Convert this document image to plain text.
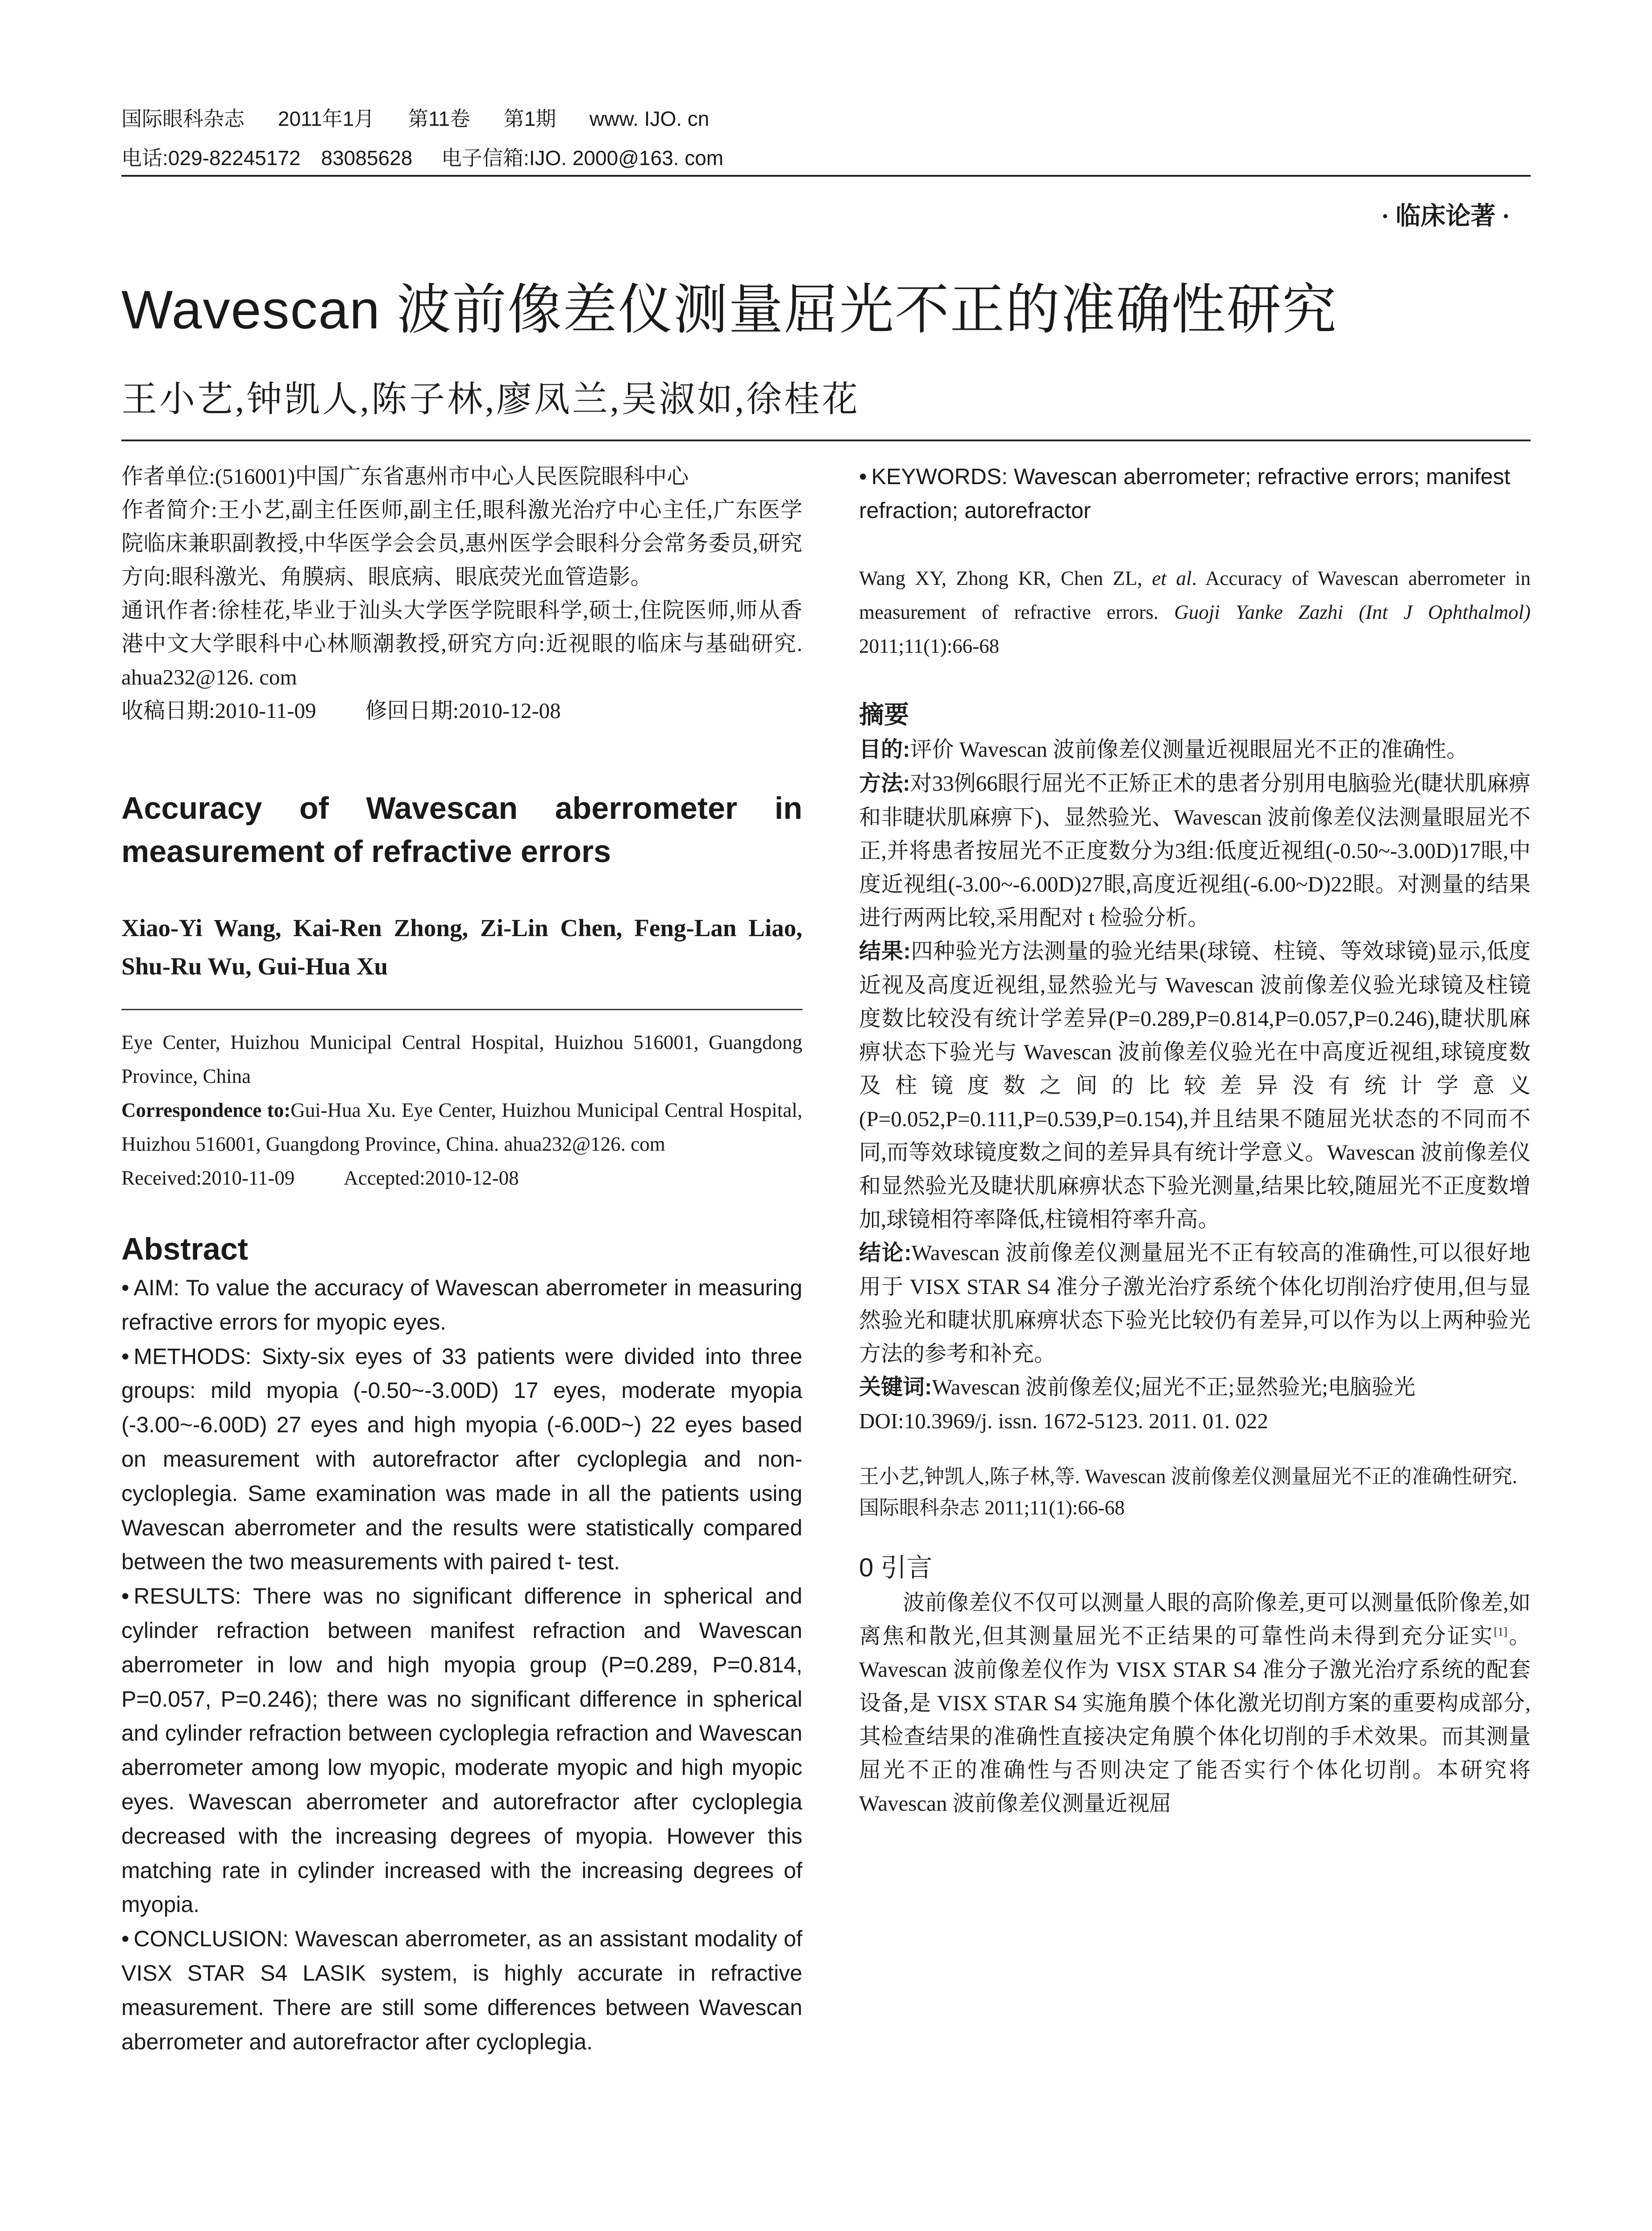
国际眼科杂志 2011年1月 第11卷 第1期 www. IJO. cn
电话:029-82245172　83085628 电子信箱:IJO. 2000@163. com
· 临床论著 ·
Wavescan 波前像差仪测量屈光不正的准确性研究
王小艺,钟凯人,陈子林,廖凤兰,吴淑如,徐桂花

作者单位:(516001)中国广东省惠州市中心人民医院眼科中心

作者简介:王小艺,副主任医师,副主任,眼科激光治疗中心主任,广东医学院临床兼职副教授,中华医学会会员,惠州医学会眼科分会常务委员,研究方向:眼科激光、角膜病、眼底病、眼底荧光血管造影。

通讯作者:徐桂花,毕业于汕头大学医学院眼科学,硕士,住院医师,师从香港中文大学眼科中心林顺潮教授,研究方向:近视眼的临床与基础研究. ahua232@126. com

收稿日期:2010-11-09 修回日期:2010-12-08

Accuracy of Wavescan aberrometer in measurement of refractive errors
Xiao-Yi Wang, Kai-Ren Zhong, Zi-Lin Chen, Feng-Lan Liao, Shu-Ru Wu, Gui-Hua Xu

Eye Center, Huizhou Municipal Central Hospital, Huizhou 516001, Guangdong Province, China

Correspondence to:Gui-Hua Xu. Eye Center, Huizhou Municipal Central Hospital, Huizhou 516001, Guangdong Province, China. ahua232@126. com

Received:2010-11-09 Accepted:2010-12-08

Abstract

• AIM: To value the accuracy of Wavescan aberrometer in measuring refractive errors for myopic eyes.

• METHODS: Sixty-six eyes of 33 patients were divided into three groups: mild myopia (-0.50~-3.00D) 17 eyes, moderate myopia (-3.00~-6.00D) 27 eyes and high myopia (-6.00D~) 22 eyes based on measurement with autorefractor after cycloplegia and non-cycloplegia. Same examination was made in all the patients using Wavescan aberrometer and the results were statistically compared between the two measurements with paired t- test.

• RESULTS: There was no significant difference in spherical and cylinder refraction between manifest refraction and Wavescan aberrometer in low and high myopia group (P=0.289, P=0.814, P=0.057, P=0.246); there was no significant difference in spherical and cylinder refraction between cycloplegia refraction and Wavescan aberrometer among low myopic, moderate myopic and high myopic eyes. Wavescan aberrometer and autorefractor after cycloplegia decreased with the increasing degrees of myopia. However this matching rate in cylinder increased with the increasing degrees of myopia.

• CONCLUSION: Wavescan aberrometer, as an assistant modality of VISX STAR S4 LASIK system, is highly accurate in refractive measurement. There are still some differences between Wavescan aberrometer and autorefractor after cycloplegia.

• KEYWORDS: Wavescan aberrometer; refractive errors; manifest refraction; autorefractor

Wang XY, Zhong KR, Chen ZL, et al. Accuracy of Wavescan aberrometer in measurement of refractive errors. Guoji Yanke Zazhi (Int J Ophthalmol) 2011;11(1):66-68

摘要

目的:评价 Wavescan 波前像差仪测量近视眼屈光不正的准确性。

方法:对33例66眼行屈光不正矫正术的患者分别用电脑验光(睫状肌麻痹和非睫状肌麻痹下)、显然验光、Wavescan 波前像差仪法测量眼屈光不正,并将患者按屈光不正度数分为3组:低度近视组(-0.50~-3.00D)17眼,中度近视组(-3.00~-6.00D)27眼,高度近视组(-6.00~D)22眼。对测量的结果进行两两比较,采用配对 t 检验分析。

结果:四种验光方法测量的验光结果(球镜、柱镜、等效球镜)显示,低度近视及高度近视组,显然验光与 Wavescan 波前像差仪验光球镜及柱镜度数比较没有统计学差异(P=0.289,P=0.814,P=0.057,P=0.246),睫状肌麻痹状态下验光与 Wavescan 波前像差仪验光在中高度近视组,球镜度数及柱镜度数之间的比较差异没有统计学意义(P=0.052,P=0.111,P=0.539,P=0.154),并且结果不随屈光状态的不同而不同,而等效球镜度数之间的差异具有统计学意义。Wavescan 波前像差仪和显然验光及睫状肌麻痹状态下验光测量,结果比较,随屈光不正度数增加,球镜相符率降低,柱镜相符率升高。

结论:Wavescan 波前像差仪测量屈光不正有较高的准确性,可以很好地用于 VISX STAR S4 准分子激光治疗系统个体化切削治疗使用,但与显然验光和睫状肌麻痹状态下验光比较仍有差异,可以作为以上两种验光方法的参考和补充。

关键词:Wavescan 波前像差仪;屈光不正;显然验光;电脑验光

DOI:10.3969/j. issn. 1672-5123. 2011. 01. 022

王小艺,钟凯人,陈子林,等. Wavescan 波前像差仪测量屈光不正的准确性研究. 国际眼科杂志 2011;11(1):66-68

0 引言

波前像差仪不仅可以测量人眼的高阶像差,更可以测量低阶像差,如离焦和散光,但其测量屈光不正结果的可靠性尚未得到充分证实[1]。Wavescan 波前像差仪作为 VISX STAR S4 准分子激光治疗系统的配套设备,是 VISX STAR S4 实施角膜个体化激光切削方案的重要构成部分,其检查结果的准确性直接决定角膜个体化切削的手术效果。而其测量屈光不正的准确性与否则决定了能否实行个体化切削。本研究将 Wavescan 波前像差仪测量近视屈
